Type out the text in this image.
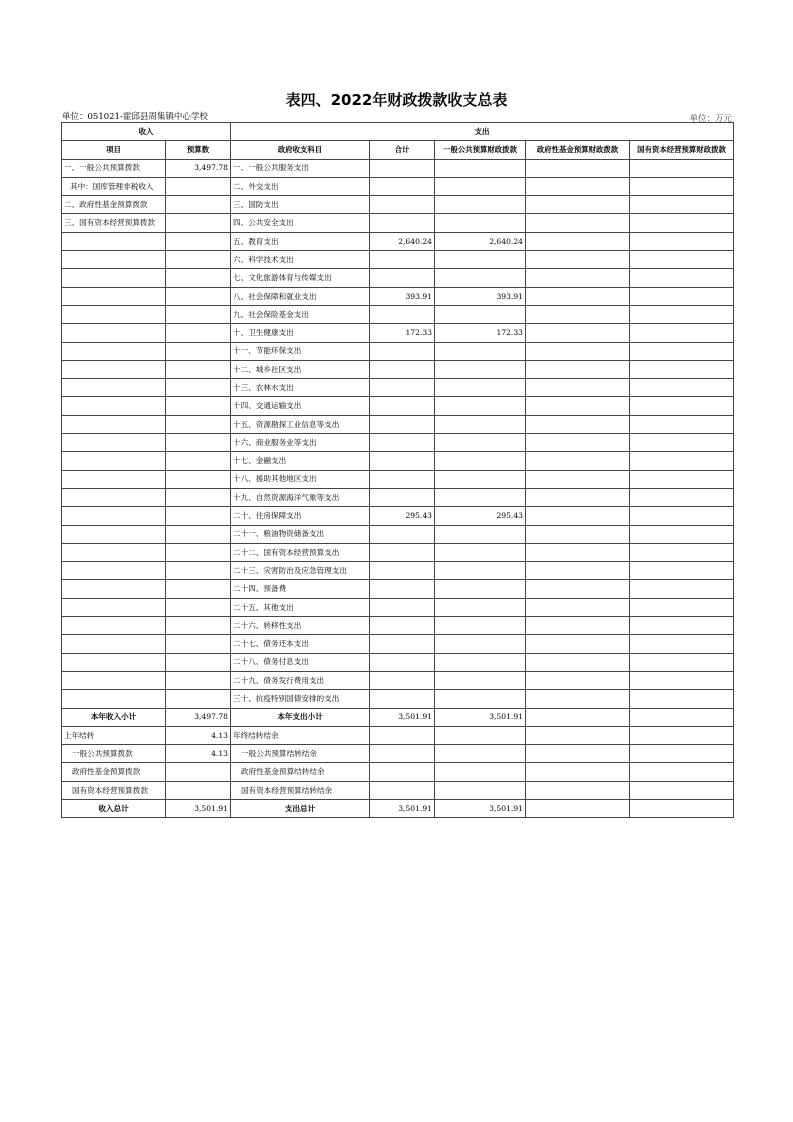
表四、2022年财政拨款收支总表
单位：051021-霍邱县周集镇中心学校	单位：万元
收入		支出				
项目	预算数	政府收支科目	合计	一般公共预算财政拨款	政府性基金预算财政拨款	国有资本经营预算财政拨款
一、一般公共预算拨款	3,497.78	一、一般公共服务支出				
其中：国库管理非税收入		二、外交支出				
二、政府性基金预算拨款		三、国防支出				
三、国有资本经营预算拨款		四、公共安全支出				
		五、教育支出	2,640.24	2,640.24		
		六、科学技术支出				
		七、文化旅游体育与传媒支出				
		八、社会保障和就业支出	393.91	393.91		
		九、社会保险基金支出				
		十、卫生健康支出	172.33	172.33		
		十一、节能环保支出				
		十二、城乡社区支出				
		十三、农林水支出				
		十四、交通运输支出				
		十五、资源勘探工业信息等支出				
		十六、商业服务业等支出				
		十七、金融支出				
		十八、援助其他地区支出				
		十九、自然资源海洋气象等支出				
		二十、住房保障支出	295.43	295.43		
		二十一、粮油物资储备支出				
		二十二、国有资本经营预算支出				
		二十三、灾害防治及应急管理支出				
		二十四、预备费				
		二十五、其他支出				
		二十六、转移性支出				
		二十七、债务还本支出				
		二十八、债务付息支出				
		二十九、债务发行费用支出				
		三十、抗疫特别国债安排的支出				
本年收入小计	3,497.78	本年支出小计	3,501.91	3,501.91		
上年结转	4.13	年终结转结余				
一般公共预算拨款	4.13	一般公共预算结转结余				
政府性基金预算拨款		政府性基金预算结转结余				
国有资本经营预算拨款		国有资本经营预算结转结余				
收入总计	3,501.91	支出总计	3,501.91	3,501.91		
